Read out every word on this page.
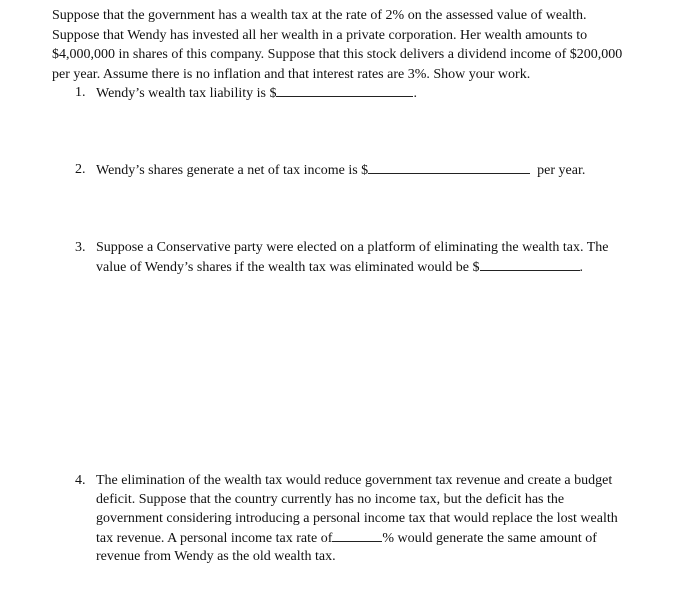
Suppose that the government has a wealth tax at the rate of 2% on the assessed value of wealth.
Suppose that Wendy has invested all her wealth in a private corporation. Her wealth amounts to
$4,000,000 in shares of this company. Suppose that this stock delivers a dividend income of $200,000
per year. Assume there is no inflation and that interest rates are 3%. Show your work.
1. Wendy’s wealth tax liability is $	.
2. Wendy’s shares generate a net of tax income is $	per year.
3. Suppose a Conservative party were elected on a platform of eliminating the wealth tax. The
value of Wendy’s shares if the wealth tax was eliminated would be $	.
4. The elimination of the wealth tax would reduce government tax revenue and create a budget
deficit. Suppose that the country currently has no income tax, but the deficit has the
government considering introducing a personal income tax that would replace the lost wealth
tax revenue. A personal income tax rate of	% would generate the same amount of
revenue from Wendy as the old wealth tax.
